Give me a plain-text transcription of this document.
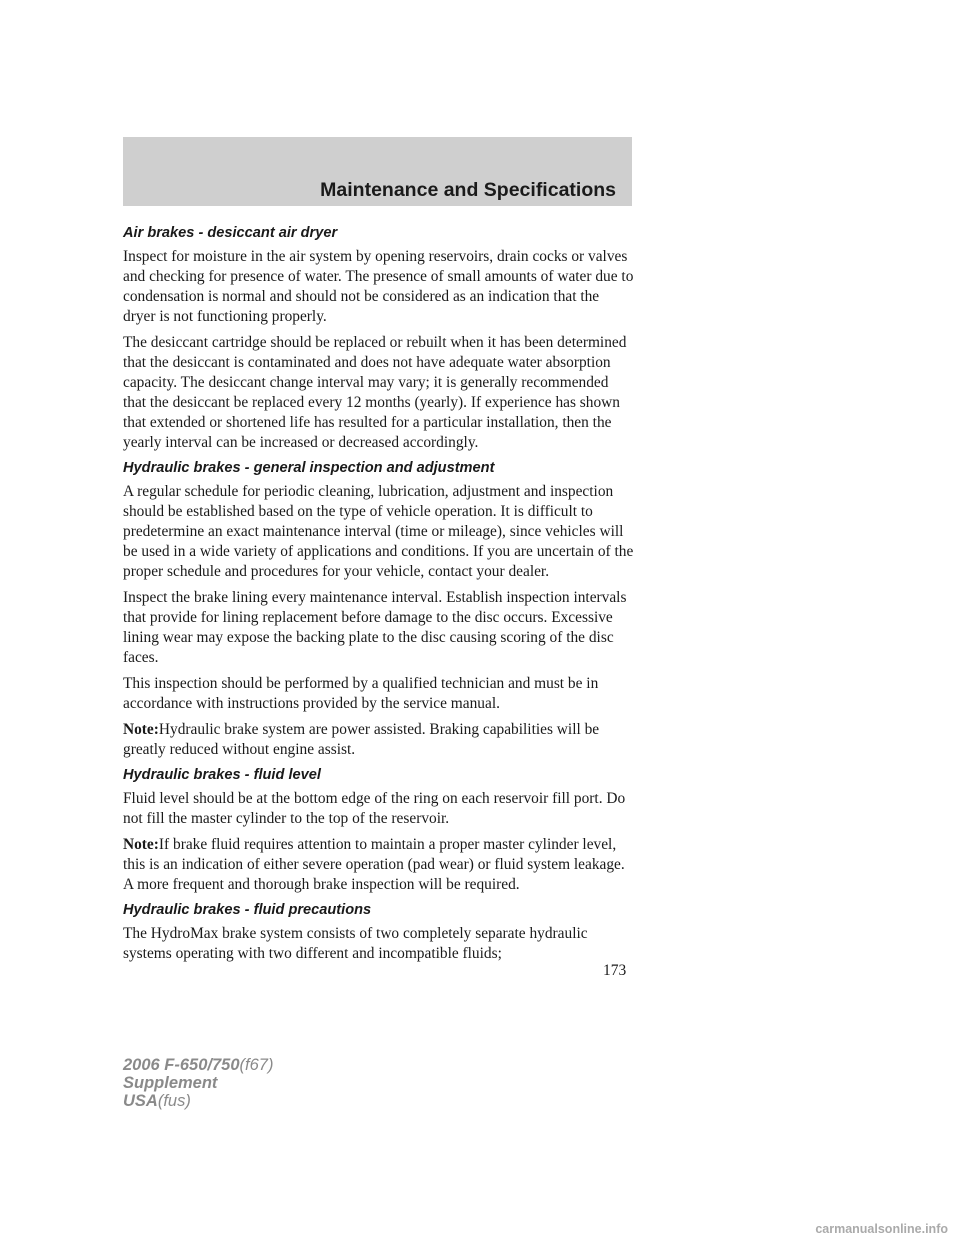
Maintenance and Specifications
Air brakes - desiccant air dryer

Inspect for moisture in the air system by opening reservoirs, drain cocks or valves and checking for presence of water. The presence of small amounts of water due to condensation is normal and should not be considered as an indication that the dryer is not functioning properly.

The desiccant cartridge should be replaced or rebuilt when it has been determined that the desiccant is contaminated and does not have adequate water absorption capacity. The desiccant change interval may vary; it is generally recommended that the desiccant be replaced every 12 months (yearly). If experience has shown that extended or shortened life has resulted for a particular installation, then the yearly interval can be increased or decreased accordingly.

Hydraulic brakes - general inspection and adjustment

A regular schedule for periodic cleaning, lubrication, adjustment and inspection should be established based on the type of vehicle operation. It is difficult to predetermine an exact maintenance interval (time or mileage), since vehicles will be used in a wide variety of applications and conditions. If you are uncertain of the proper schedule and procedures for your vehicle, contact your dealer.

Inspect the brake lining every maintenance interval. Establish inspection intervals that provide for lining replacement before damage to the disc occurs. Excessive lining wear may expose the backing plate to the disc causing scoring of the disc faces.

This inspection should be performed by a qualified technician and must be in accordance with instructions provided by the service manual.

Note:Hydraulic brake system are power assisted. Braking capabilities will be greatly reduced without engine assist.

Hydraulic brakes - fluid level

Fluid level should be at the bottom edge of the ring on each reservoir fill port. Do not fill the master cylinder to the top of the reservoir.

Note:If brake fluid requires attention to maintain a proper master cylinder level, this is an indication of either severe operation (pad wear) or fluid system leakage. A more frequent and thorough brake inspection will be required.

Hydraulic brakes - fluid precautions

The HydroMax brake system consists of two completely separate hydraulic systems operating with two different and incompatible fluids;

173
2006 F-650/750(f67)
Supplement
USA(fus)
carmanualsonline.info
